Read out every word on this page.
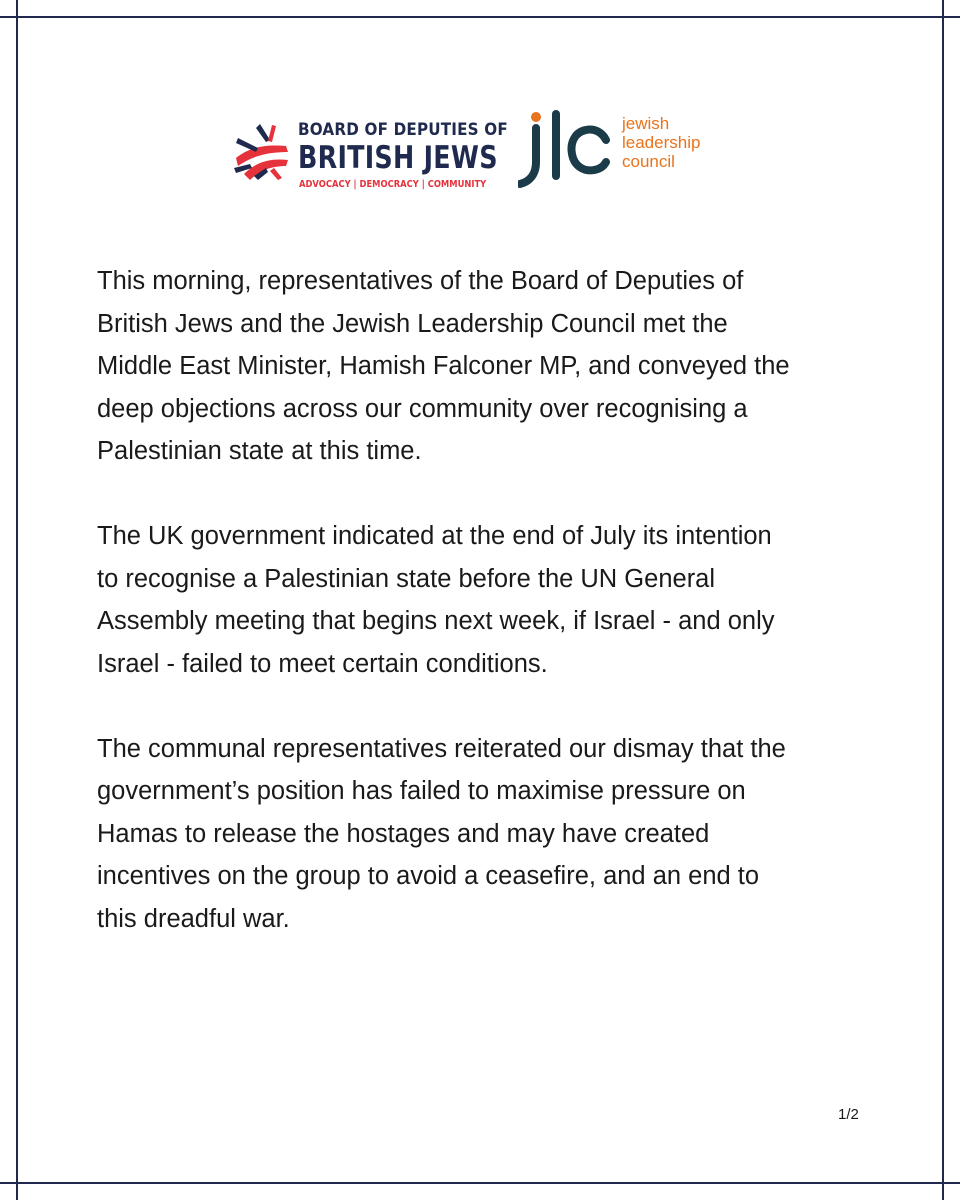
BOARD OF DEPUTIES OF
BRITISH JEWS
ADVOCACY | DEMOCRACY | COMMUNITY
jewish
leadership
council

This morning, representatives of the Board of Deputies of
British Jews and the Jewish Leadership Council met the
Middle East Minister, Hamish Falconer MP, and conveyed the
deep objections across our community over recognising a
Palestinian state at this time.

The UK government indicated at the end of July its intention
to recognise a Palestinian state before the UN General
Assembly meeting that begins next week, if Israel - and only
Israel - failed to meet certain conditions.

The communal representatives reiterated our dismay that the
government’s position has failed to maximise pressure on
Hamas to release the hostages and may have created
incentives on the group to avoid a ceasefire, and an end to
this dreadful war.

1/2
